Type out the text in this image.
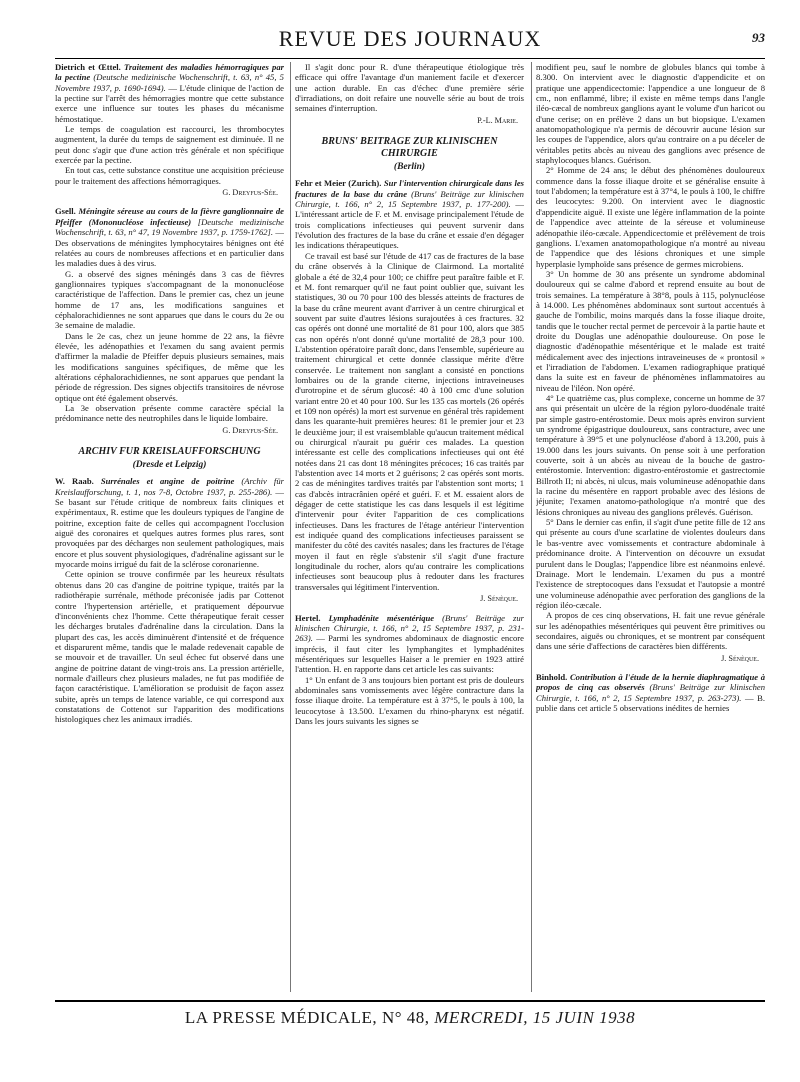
REVUE DES JOURNAUX	93

Dietrich et Œttel. Traitement des maladies hémorragiques par la pectine (Deutsche medizinische Wochenschrift, t. 63, n° 45, 5 Novembre 1937, p. 1690-1694). — L'étude clinique de l'action de la pectine sur l'arrêt des hémorragies montre que cette substance exerce une influence sur toutes les phases du mécanisme hémostatique.

Le temps de coagulation est raccourci, les thrombocytes augmentent, la durée du temps de saignement est diminuée. Il ne peut donc s'agir que d'une action très générale et non spécifique exercée par la pectine.

En tout cas, cette substance constitue une acquisition précieuse pour le traitement des affections hémorragiques.

G. Dreyfus-Sée.

Gsell. Méningite séreuse au cours de la fièvre ganglionnaire de Pfeiffer (Mononucléose infectieuse) [Deutsche medizinische Wochenschrift, t. 63, n° 47, 19 Novembre 1937, p. 1759-1762]. — Des observations de méningites lymphocytaires bénignes ont été relatées au cours de nombreuses affections et en particulier dans les maladies dues à des virus.

G. a observé des signes méningés dans 3 cas de fièvres ganglionnaires typiques s'accompagnant de la mononucléose caractéristique de l'affection. Dans le premier cas, chez un jeune homme de 17 ans, les modifications sanguines et céphalorachidiennes ne sont apparues que dans le cours du 2e ou 3e semaine de maladie.

Dans le 2e cas, chez un jeune homme de 22 ans, la fièvre élevée, les adénopathies et l'examen du sang avaient permis d'affirmer la maladie de Pfeiffer depuis plusieurs semaines, mais les modifications sanguines spécifiques, de même que les altérations céphalorachidiennes, ne sont apparues que pendant la période de régression. Des signes objectifs transitoires de névrose optique ont été également observés.

La 3e observation présente comme caractère spécial la prédominance nette des neutrophiles dans le liquide lombaire.

G. Dreyfus-Sée.
ARCHIV FUR KREISLAUFFORSCHUNG
(Dresde et Leipzig)

W. Raab. Surrénales et angine de poitrine (Archiv für Kreislaufforschung, t. 1, nos 7-8, Octobre 1937, p. 255-286). — Se basant sur l'étude critique de nombreux faits cliniques et expérimentaux, R. estime que les douleurs typiques de l'angine de poitrine, exception faite de celles qui accompagnent l'occlusion aiguë des coronaires et quelques autres formes plus rares, sont provoquées par des décharges non seulement pathologiques, mais encore et plus souvent physiologiques, d'adrénaline agissant sur le myocarde moins irrigué du fait de la sclérose coronarienne.

Cette opinion se trouve confirmée par les heureux résultats obtenus dans 20 cas d'angine de poitrine typique, traités par la radiothérapie surrénale, méthode préconisée jadis par Cottenot contre l'hypertension artérielle, et pratiquement dépourvue d'inconvénients chez l'homme. Cette thérapeutique ferait cesser les décharges brutales d'adrénaline dans la circulation. Dans la plupart des cas, les accès diminuèrent d'intensité et de fréquence et disparurent même, tandis que le malade redevenait capable de se mouvoir et de travailler. Un seul échec fut observé dans une angine de poitrine datant de vingt-trois ans. La pression artérielle, normale d'ailleurs chez plusieurs malades, ne fut pas modifiée de façon caractéristique. L'amélioration se produisit de façon assez subite, après un temps de latence variable, ce qui correspond aux constatations de Cottenot sur l'apparition des modifications histologiques chez les animaux irradiés.

Il s'agit donc pour R. d'une thérapeutique étiologique très efficace qui offre l'avantage d'un maniement facile et d'exercer une action durable. En cas d'échec d'une première série d'irradiations, on doit refaire une nouvelle série au bout de trois semaines d'interruption.

P.-L. Marie.
BRUNS' BEITRAGE ZUR KLINISCHEN CHIRURGIE
(Berlin)

Fehr et Meier (Zurich). Sur l'intervention chirurgicale dans les fractures de la base du crâne (Bruns' Beiträge zur klinischen Chirurgie, t. 166, n° 2, 15 Septembre 1937, p. 177-200). — L'intéressant article de F. et M. envisage principalement l'étude de trois complications infectieuses qui peuvent survenir dans l'évolution des fractures de la base du crâne et essaie d'en dégager les indications thérapeutiques.

Ce travail est basé sur l'étude de 417 cas de fractures de la base du crâne observés à la Clinique de Clairmond. La mortalité globale a été de 32,4 pour 100; ce chiffre peut paraître faible et F. et M. font remarquer qu'il ne faut point oublier que, suivant les statistiques, 30 ou 70 pour 100 des blessés atteints de fractures de la base du crâne meurent avant d'arriver à un centre chirurgical et souvent par suite d'autres lésions surajoutées à ces fractures. 32 cas opérés ont donné une mortalité de 81 pour 100, alors que 385 cas non opérés n'ont donné qu'une mortalité de 28,3 pour 100. L'abstention opératoire paraît donc, dans l'ensemble, supérieure au traitement chirurgical et cette donnée classique mérite d'être conservée. Le traitement non sanglant a consisté en ponctions lombaires ou de la grande citerne, injections intraveineuses d'urotropine et de sérum glucosé: 40 à 100 cmc d'une solution variant entre 20 et 40 pour 100. Sur les 135 cas mortels (26 opérés et 109 non opérés) la mort est survenue en général très rapidement dans les quarante-huit premières heures: 81 le premier jour et 23 le deuxième jour; il est vraisemblable qu'aucun traitement médical ou chirurgical n'aurait pu guérir ces malades. La question intéressante est celle des complications infectieuses qui ont été notées dans 21 cas dont 18 méningites précoces; 16 cas traités par l'abstention avec 14 morts et 2 guérisons; 2 cas opérés sont morts. 2 cas de méningites tardives traités par l'abstention sont morts; 1 cas d'abcès intracrânien opéré et guéri. F. et M. essaient alors de dégager de cette statistique les cas dans lesquels il est légitime d'intervenir pour éviter l'apparition de ces complications infectieuses. Dans les fractures de l'étage antérieur l'intervention est indiquée quand des complications infectieuses paraissent se manifester du côté des cavités nasales; dans les fractures de l'étage moyen il faut en règle s'abstenir s'il s'agit d'une fracture longitudinale du rocher, alors qu'au contraire les complications infectieuses sont beaucoup plus à redouter dans les fractures transversales qui légitiment l'intervention.

J. Sénèque.

Hertel. Lymphadénite mésentérique (Bruns' Beiträge zur klinischen Chirurgie, t. 166, n° 2, 15 Septembre 1937, p. 231-263). — Parmi les syndromes abdominaux de diagnostic encore imprécis, il faut citer les lymphangites et lymphadénites mésentériques sur lesquelles Haiser a le premier en 1923 attiré l'attention. H. en rapporte dans cet article les cas suivants:

1° Un enfant de 3 ans toujours bien portant est pris de douleurs abdominales sans vomissements avec légère contracture dans la fosse iliaque droite. La température est à 37°5, le pouls à 100, la leucocytose à 13.500. L'examen du rhino-pharynx est négatif. Dans les jours suivants les signes se

modifient peu, sauf le nombre de globules blancs qui tombe à 8.300. On intervient avec le diagnostic d'appendicite et on pratique une appendicectomie: l'appendice a une longueur de 8 cm., non enflammé, libre; il existe en même temps dans l'angle iléo-cæcal de nombreux ganglions ayant le volume d'un haricot ou d'une cerise; on en prélève 2 dans un but biopsique. L'examen anatomopathologique n'a permis de découvrir aucune lésion sur les coupes de l'appendice, alors qu'au contraire on a pu déceler de véritables petits abcès au niveau des ganglions avec présence de staphylocoques blancs. Guérison.

2° Homme de 24 ans; le début des phénomènes douloureux commence dans la fosse iliaque droite et se généralise ensuite à tout l'abdomen; la température est à 37°4, le pouls à 100, le chiffre des leucocytes: 9.200. On intervient avec le diagnostic d'appendicite aiguë. Il existe une légère inflammation de la pointe de l'appendice avec atteinte de la séreuse et volumineuse adénopathie iléo-cæcale. Appendicectomie et prélèvement de trois ganglions. L'examen anatomopathologique n'a montré au niveau de l'appendice que des lésions chroniques et une simple hyperplasie lymphoïde sans présence de germes microbiens.

3° Un homme de 30 ans présente un syndrome abdominal douloureux qui se calme d'abord et reprend ensuite au bout de trois semaines. La température à 38°8, pouls à 115, polynucléose à 14.000. Les phénomènes abdominaux sont surtout accentués à gauche de l'ombilic, moins marqués dans la fosse iliaque droite, tandis que le toucher rectal permet de percevoir à la partie haute et droite du Douglas une adénopathie douloureuse. On pose le diagnostic d'adénopathie mésentérique et le malade est traité médicalement avec des injections intraveineuses de « prontosil » et l'irradiation de l'abdomen. L'examen radiographique pratiqué dans la suite est en faveur de phénomènes inflammatoires au niveau de l'iléon. Non opéré.

4° Le quatrième cas, plus complexe, concerne un homme de 37 ans qui présentait un ulcère de la région pyloro-duodénale traité par simple gastro-entérostomie. Deux mois après environ survient un syndrome épigastrique douloureux, sans contracture, avec une température à 39°5 et une polynucléose d'abord à 13.200, puis à 19.000 dans les jours suivants. On pense soit à une perforation couverte, soit à un abcès au niveau de la bouche de gastro-entérostomie. Intervention: digastro-entérostomie et gastrectomie Billroth II; ni abcès, ni ulcus, mais volumineuse adénopathie dans la racine du mésentère en rapport probable avec des lésions de jéjunite; l'examen anatomo-pathologique n'a montré que des lésions chroniques au niveau des ganglions prélevés. Guérison.

5° Dans le dernier cas enfin, il s'agit d'une petite fille de 12 ans qui présente au cours d'une scarlatine de violentes douleurs dans le bas-ventre avec vomissements et contracture abdominale à prédominance droite. A l'intervention on découvre un exsudat purulent dans le Douglas; l'appendice libre est néanmoins enlevé. Drainage. Mort le lendemain. L'examen du pus a montré l'existence de streptocoques dans l'exsudat et l'autopsie a montré une volumineuse adénopathie avec perforation des ganglions de la région iléo-cæcale.

A propos de ces cinq observations, H. fait une revue générale sur les adénopathies mésentériques qui peuvent être primitives ou secondaires, aiguës ou chroniques, et se montrent par conséquent dans une série d'affections de caractères bien différents.

J. Sénèque.

Binhold. Contribution à l'étude de la hernie diaphragmatique à propos de cinq cas observés (Bruns' Beiträge zur klinischen Chirurgie, t. 166, n° 2, 15 Septembre 1937, p. 263-273). — B. publie dans cet article 5 observations inédites de hernies

LA PRESSE MÉDICALE, N° 48, MERCREDI, 15 JUIN 1938
